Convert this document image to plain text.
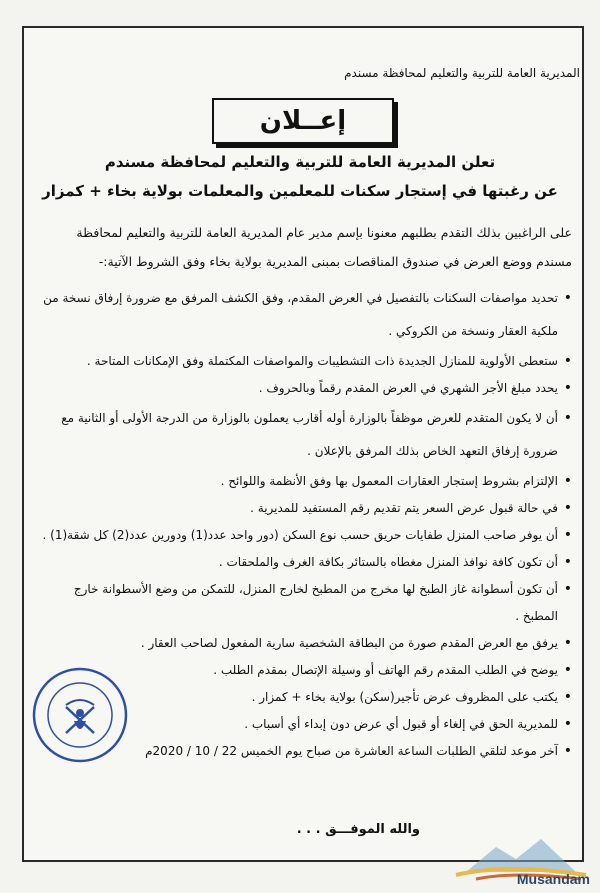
المديرية العامة للتربية والتعليم لمحافظة مسندم
إعــلان
تعلن المديرية العامة للتربية والتعليم لمحافظة مسندم
عن رغبتها في إستجار سكنات للمعلمين والمعلمات بولاية بخاء + كمزار
على الراغبين بذلك التقدم بطلبهم معنونا بإسم مدير عام المديرية العامة للتربية والتعليم لمحافظة مسندم ووضع العرض في صندوق المناقصات بمبنى المديرية بولاية بخاء وفق الشروط الآتية:-
• تحديد مواصفات السكنات بالتفصيل في العرض المقدم، وفق الكشف المرفق مع ضرورة إرفاق نسخة من ملكية العقار ونسخة من الكروكي .
• ستعطى الأولوية للمنازل الجديدة ذات التشطيبات والمواصفات المكتملة وفق الإمكانات المتاحة .
• يحدد مبلغ الأجر الشهري في العرض المقدم رقماً وبالحروف .
• أن لا يكون المتقدم للعرض موظفاً بالوزارة أوله أقارب يعملون بالوزارة من الدرجة الأولى أو الثانية مع ضرورة إرفاق التعهد الخاص بذلك المرفق بالإعلان .
• الإلتزام بشروط إستجار العقارات المعمول بها وفق الأنظمة واللوائح .
• في حالة قبول عرض السعر يتم تقديم رقم المستفيد للمديرية .
• أن يوفر صاحب المنزل طفايات حريق حسب نوع السكن (دور واحد عدد(1) ودورين عدد(2) كل شقة(1) .
• أن تكون كافة نوافذ المنزل مغطاه بالستائر بكافة الغرف والملحقات .
• أن تكون أسطوانة غاز الطبخ لها مخرج من المطبخ لخارج المنزل، للتمكن من وضع الأسطوانة خارج المطبخ .
• يرفق مع العرض المقدم صورة من البطاقة الشخصية سارية المفعول لصاحب العقار .
• يوضح في الطلب المقدم رقم الهاتف أو وسيلة الإتصال بمقدم الطلب .
• يكتب على المظروف عرض تأجير(سكن) بولاية بخاء + كمزار .
• للمديرية الحق في إلغاء أو قبول أي عرض دون إبداء أي أسباب .
• آخر موعد لتلقي الطلبات الساعة العاشرة من صباح يوم الخميس 22 / 10 / 2020م
والله الموفـــق . . .
Musandam
